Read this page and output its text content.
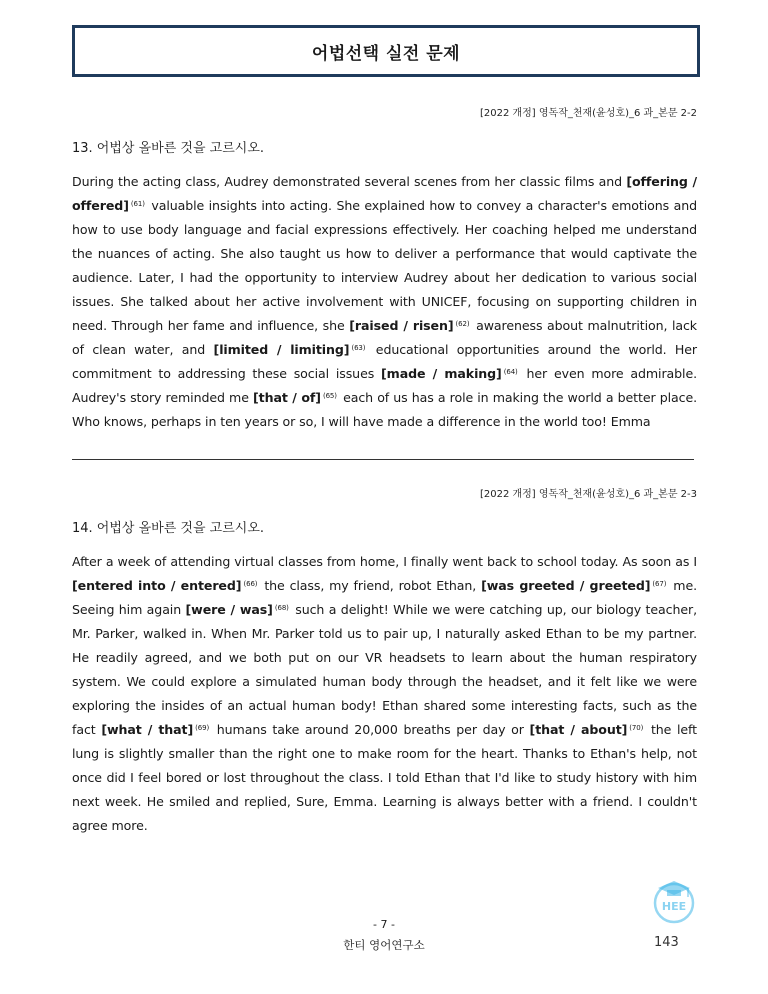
어법선택 실전 문제
[2022 개정] 영독작_천재(윤성호)_6 과_본문 2-2
13. 어법상 올바른 것을 고르시오.
During the acting class, Audrey demonstrated several scenes from her classic films and [offering / offered] $^{(61)}$ valuable insights into acting. She explained how to convey a character's emotions and how to use body language and facial expressions effectively. Her coaching helped me understand the nuances of acting. She also taught us how to deliver a performance that would captivate the audience. Later, I had the opportunity to interview Audrey about her dedication to various social issues. She talked about her active involvement with UNICEF, focusing on supporting children in need. Through her fame and influence, she [raised / risen] $^{(62)}$ awareness about malnutrition, lack of clean water, and [limited / limiting] $^{(63)}$ educational opportunities around the world. Her commitment to addressing these social issues [made / making] $^{(64)}$ her even more admirable. Audrey's story reminded me [that / of] $^{(65)}$ each of us has a role in making the world a better place. Who knows, perhaps in ten years or so, I will have made a difference in the world too! Emma
[2022 개정] 영독작_천재(윤성호)_6 과_본문 2-3
14. 어법상 올바른 것을 고르시오.
After a week of attending virtual classes from home, I finally went back to school today. As soon as I [entered into / entered] $^{(66)}$ the class, my friend, robot Ethan, [was greeted / greeted] $^{(67)}$ me. Seeing him again [were / was] $^{(68)}$ such a delight! While we were catching up, our biology teacher, Mr. Parker, walked in. When Mr. Parker told us to pair up, I naturally asked Ethan to be my partner. He readily agreed, and we both put on our VR headsets to learn about the human respiratory system. We could explore a simulated human body through the headset, and it felt like we were exploring the insides of an actual human body! Ethan shared some interesting facts, such as the fact [what / that] $^{(69)}$ humans take around 20,000 breaths per day or [that / about] $^{(70)}$ the left lung is slightly smaller than the right one to make room for the heart. Thanks to Ethan's help, not once did I feel bored or lost throughout the class. I told Ethan that I'd like to study history with him next week. He smiled and replied, Sure, Emma. Learning is always better with a friend. I couldn't agree more.
HEE
- 7 -
한티 영어연구소	143
